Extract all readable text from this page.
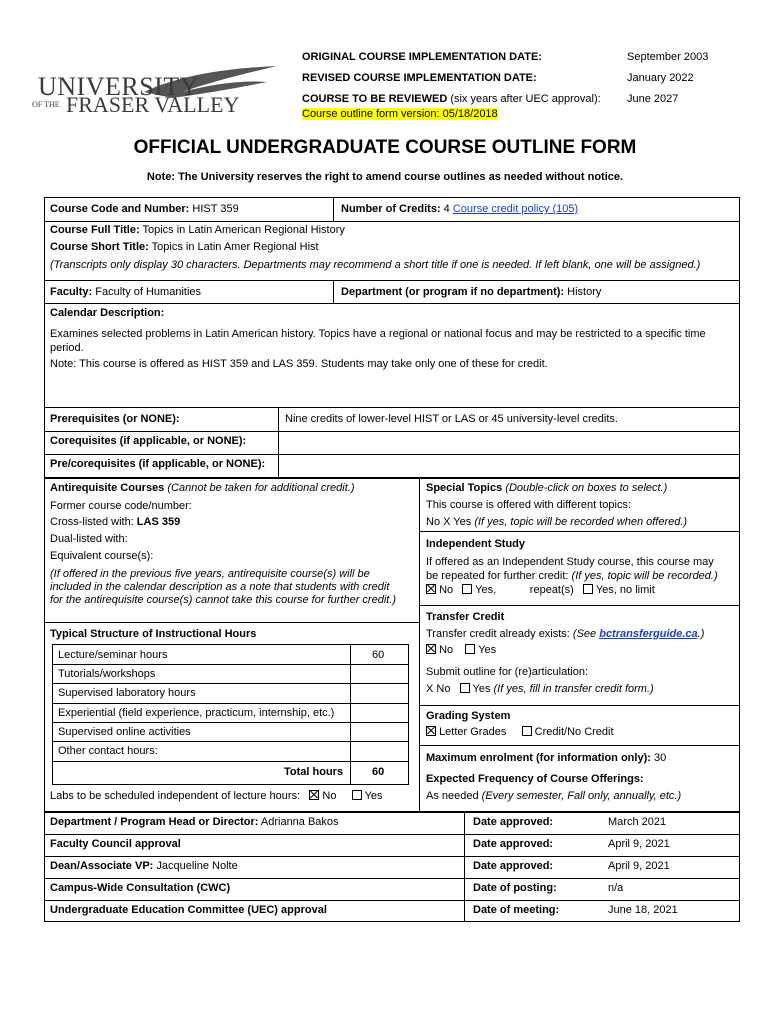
UNIVERSITY
OF THE FRASER VALLEY
ORIGINAL COURSE IMPLEMENTATION DATE:	September 2003
REVISED COURSE IMPLEMENTATION DATE:	January 2022
COURSE TO BE REVIEWED (six years after UEC approval): June 2027
Course outline form version: 05/18/2018
OFFICIAL UNDERGRADUATE COURSE OUTLINE FORM
Note: The University reserves the right to amend course outlines as needed without notice.
Course Code and Number: HIST 359	Number of Credits: 4 Course credit policy (105)
Course Full Title: Topics in Latin American Regional History
Course Short Title: Topics in Latin Amer Regional Hist
(Transcripts only display 30 characters. Departments may recommend a short title if one is needed. If left blank, one will be assigned.)
Faculty: Faculty of Humanities	Department (or program if no department): History
Calendar Description:
Examines selected problems in Latin American history. Topics have a regional or national focus and may be restricted to a specific time
period.
Note: This course is offered as HIST 359 and LAS 359. Students may take only one of these for credit.
Prerequisites (or NONE):	Nine credits of lower-level HIST or LAS or 45 university-level credits.
Corequisites (if applicable, or NONE):
Pre/corequisites (if applicable, or NONE):
Antirequisite Courses (Cannot be taken for additional credit.)
Former course code/number:
Cross-listed with: LAS 359
Dual-listed with:
Equivalent course(s):
(If offered in the previous five years, antirequisite course(s) will be
included in the calendar description as a note that students with credit
for the antirequisite course(s) cannot take this course for further credit.)
Typical Structure of Instructional Hours
Lecture/seminar hours	60
Tutorials/workshops
Supervised laboratory hours
Experiential (field experience, practicum, internship, etc.)
Supervised online activities
Other contact hours:
Total hours	60
Labs to be scheduled independent of lecture hours: No	Yes
Special Topics (Double-click on boxes to select.)
This course is offered with different topics:
No X Yes (If yes, topic will be recorded when offered.)
Independent Study
If offered as an Independent Study course, this course may
be repeated for further credit: (If yes, topic will be recorded.)
No Yes,	repeat(s) Yes, no limit
Transfer Credit
Transfer credit already exists: (See bctransferguide.ca.)
No Yes
Submit outline for (re)articulation:
X No Yes (If yes, fill in transfer credit form.)
Grading System
Letter Grades	Credit/No Credit
Maximum enrolment (for information only): 30
Expected Frequency of Course Offerings:
As needed (Every semester, Fall only, annually, etc.)
Department / Program Head or Director: Adrianna Bakos	Date approved:	March 2021
Faculty Council approval	Date approved:	April 9, 2021
Dean/Associate VP: Jacqueline Nolte	Date approved:	April 9, 2021
Campus-Wide Consultation (CWC)	Date of posting:	n/a
Undergraduate Education Committee (UEC) approval	Date of meeting:	June 18, 2021
